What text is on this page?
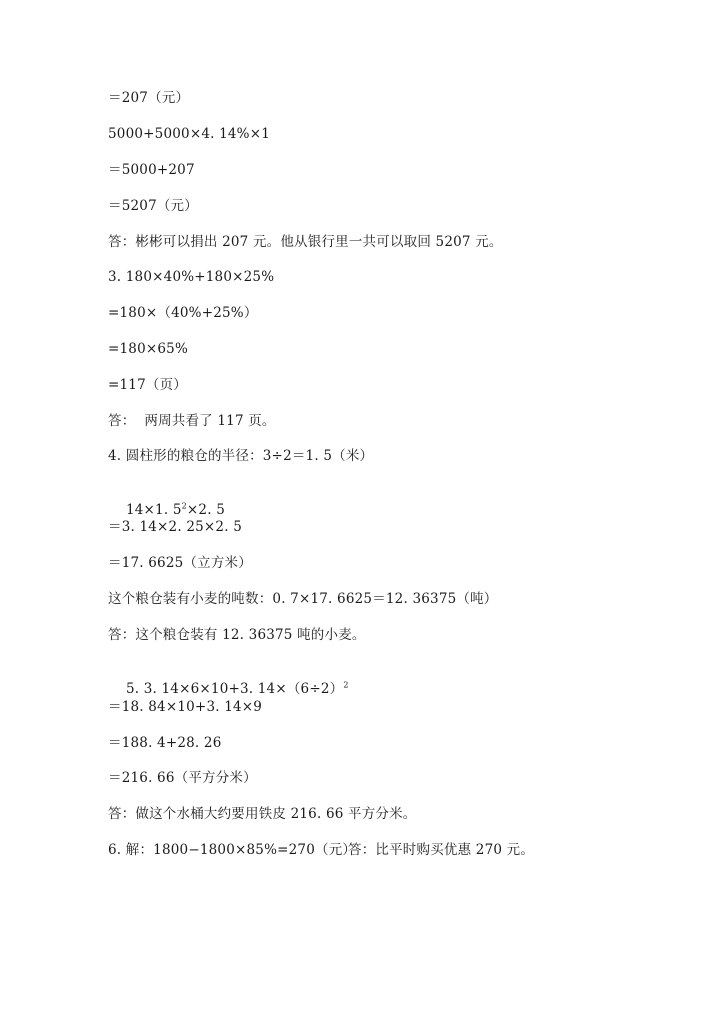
＝207（元）
5000+5000×4. 14%×1
＝5000+207
＝5207（元）
答：彬彬可以捐出 207 元。他从银行里一共可以取回 5207 元。
3. 180×40%+180×25%
=180×（40%+25%）
=180×65%
=117（页）
答：  两周共看了 117 页。
4. 圆柱形的粮仓的半径：3÷2＝1. 5（米）

14×1. $5^2\times 2$. 5

＝3. 14×2. 25×2. 5
＝17. 6625（立方米）
这个粮仓装有小麦的吨数：0. 7×17. 6625＝12. 36375（吨）
答：这个粮仓装有 12. 36375 吨的小麦。

5. 3. 14×6×10+3. $14\times(6\div 2)^2$

＝18. 84×10+3. 14×9
＝188. 4+28. 26
＝216. 66（平方分米）
答：做这个水桶大约要用铁皮 216. 66 平方分米。
6. 解：1800−1800×85%=270（元）
答：比平时购买优惠 270 元。
